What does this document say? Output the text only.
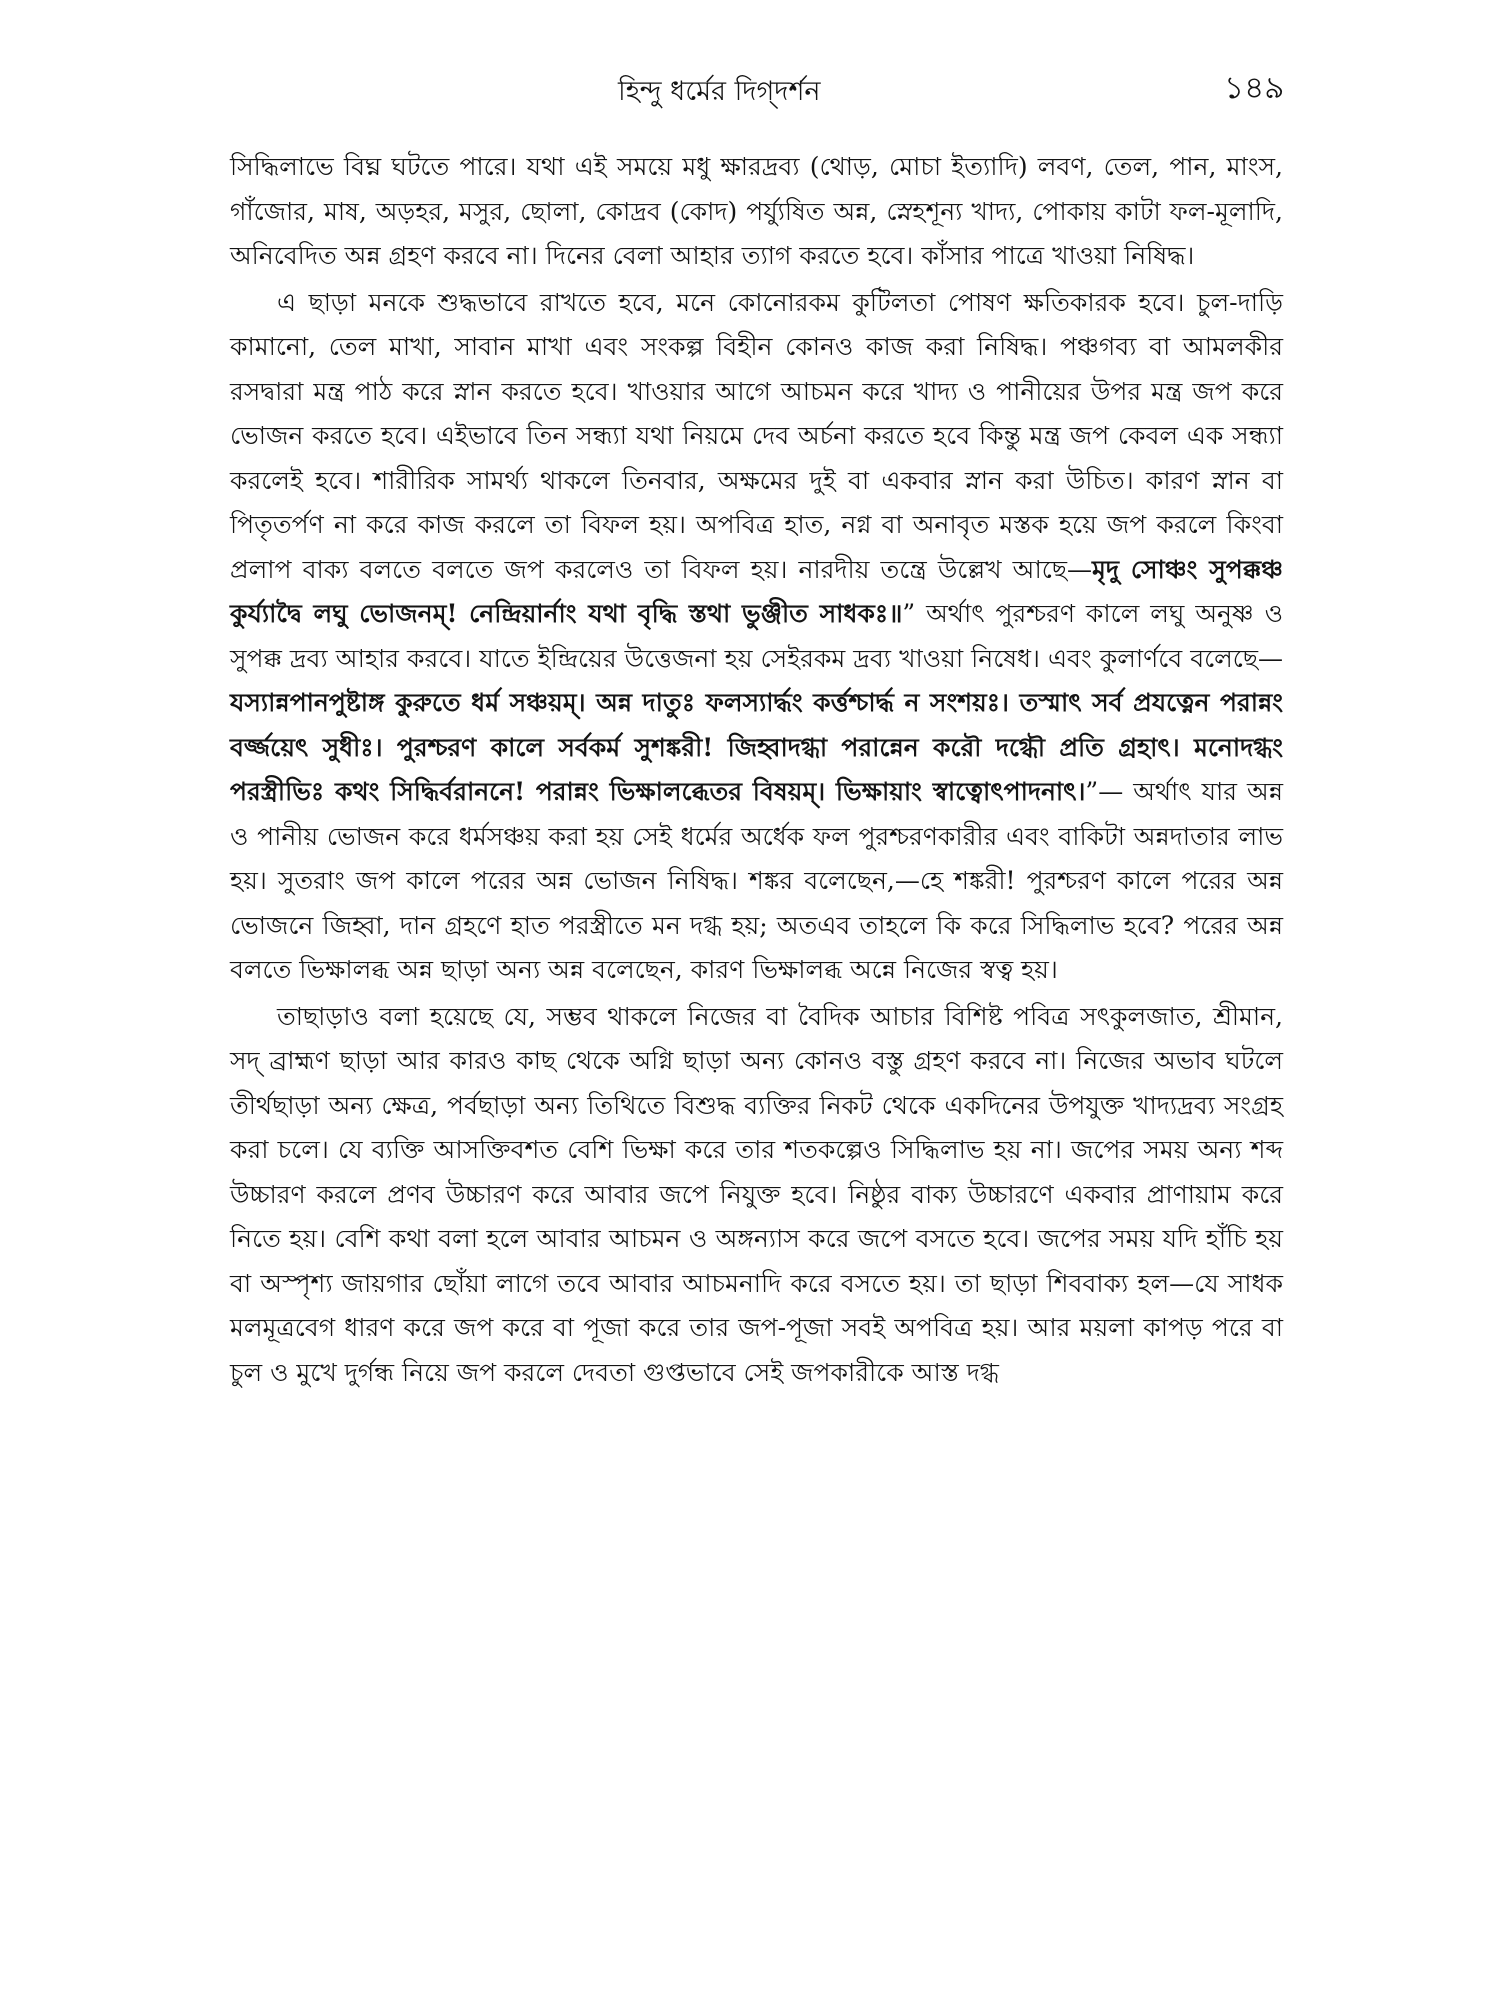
হিন্দু ধর্মের দিগ্‌দর্শন	১৪৯

সিদ্ধিলাভে বিঘ্ন ঘটতে পারে। যথা এই সময়ে মধু ক্ষারদ্রব্য (থোড়, মোচা ইত্যাদি) লবণ, তেল, পান, মাংস, গাঁজোর, মাষ, অড়হর, মসুর, ছোলা, কোদ্রব (কোদ) পর্য্যুষিত অন্ন, স্নেহশূন্য খাদ্য, পোকায় কাটা ফল-মূলাদি, অনিবেদিত অন্ন গ্রহণ করবে না। দিনের বেলা আহার ত্যাগ করতে হবে। কাঁসার পাত্রে খাওয়া নিষিদ্ধ।

এ ছাড়া মনকে শুদ্ধভাবে রাখতে হবে, মনে কোনোরকম কুটিলতা পোষণ ক্ষতিকারক হবে। চুল-দাড়ি কামানো, তেল মাখা, সাবান মাখা এবং সংকল্প বিহীন কোনও কাজ করা নিষিদ্ধ। পঞ্চগব্য বা আমলকীর রসদ্বারা মন্ত্র পাঠ করে স্নান করতে হবে। খাওয়ার আগে আচমন করে খাদ্য ও পানীয়ের উপর মন্ত্র জপ করে ভোজন করতে হবে। এইভাবে তিন সন্ধ্যা যথা নিয়মে দেব অর্চনা করতে হবে কিন্তু মন্ত্র জপ কেবল এক সন্ধ্যা করলেই হবে। শারীরিক সামর্থ্য থাকলে তিনবার, অক্ষমের দুই বা একবার স্নান করা উচিত। কারণ স্নান বা পিতৃতর্পণ না করে কাজ করলে তা বিফল হয়। অপবিত্র হাত, নগ্ন বা অনাবৃত মস্তক হয়ে জপ করলে কিংবা প্রলাপ বাক্য বলতে বলতে জপ করলেও তা বিফল হয়। নারদীয় তন্ত্রে উল্লেখ আছে—মৃদু সোঞ্চং সুপক্কঞ্চ কুর্য্যাদ্বৈ লঘু ভোজনম্! নেন্দ্রিয়ার্নাং যথা বৃদ্ধি স্তথা ভুঞ্জীত সাধকঃ॥” অর্থাৎ পুরশ্চরণ কালে লঘু অনুষ্ণ ও সুপক্ক দ্রব্য আহার করবে। যাতে ইন্দ্রিয়ের উত্তেজনা হয় সেইরকম দ্রব্য খাওয়া নিষেধ। এবং কুলার্ণবে বলেছে—যস্যান্নপানপুষ্টাঙ্গ কুরুতে ধর্ম সঞ্চয়ম্। অন্ন দাতুঃ ফলস্যার্দ্ধং কর্ত্তশ্চার্দ্ধ ন সংশয়ঃ। তস্মাৎ সর্ব প্রযত্নেন পরান্নং বর্জ্জয়েৎ সুধীঃ। পুরশ্চরণ কালে সর্বকর্ম সুশঙ্করী! জিহ্বাদগ্ধা পরান্নেন করৌ দগ্ধৌ প্রতি গ্রহাৎ। মনোদগ্ধং পরস্ত্রীভিঃ কথং সিদ্ধির্বরাননে! পরান্নং ভিক্ষালব্ধেতর বিষয়ম্। ভিক্ষায়াং স্বাত্বোৎপাদনাৎ।”— অর্থাৎ যার অন্ন ও পানীয় ভোজন করে ধর্মসঞ্চয় করা হয় সেই ধর্মের অর্ধেক ফল পুরশ্চরণকারীর এবং বাকিটা অন্নদাতার লাভ হয়। সুতরাং জপ কালে পরের অন্ন ভোজন নিষিদ্ধ। শঙ্কর বলেছেন,—হে শঙ্করী! পুরশ্চরণ কালে পরের অন্ন ভোজনে জিহ্বা, দান গ্রহণে হাত পরস্ত্রীতে মন দগ্ধ হয়; অতএব তাহলে কি করে সিদ্ধিলাভ হবে? পরের অন্ন বলতে ভিক্ষালব্ধ অন্ন ছাড়া অন্য অন্ন বলেছেন, কারণ ভিক্ষালব্ধ অন্নে নিজের স্বত্ব হয়।

তাছাড়াও বলা হয়েছে যে, সম্ভব থাকলে নিজের বা বৈদিক আচার বিশিষ্ট পবিত্র সৎকুলজাত, শ্রীমান, সদ্ ব্রাহ্মণ ছাড়া আর কারও কাছ থেকে অগ্নি ছাড়া অন্য কোনও বস্তু গ্রহণ করবে না। নিজের অভাব ঘটলে তীর্থছাড়া অন্য ক্ষেত্র, পর্বছাড়া অন্য তিথিতে বিশুদ্ধ ব্যক্তির নিকট থেকে একদিনের উপযুক্ত খাদ্যদ্রব্য সংগ্রহ করা চলে। যে ব্যক্তি আসক্তিবশত বেশি ভিক্ষা করে তার শতকল্পেও সিদ্ধিলাভ হয় না। জপের সময় অন্য শব্দ উচ্চারণ করলে প্রণব উচ্চারণ করে আবার জপে নিযুক্ত হবে। নিষ্ঠুর বাক্য উচ্চারণে একবার প্রাণায়াম করে নিতে হয়। বেশি কথা বলা হলে আবার আচমন ও অঙ্গন্যাস করে জপে বসতে হবে। জপের সময় যদি হাঁচি হয় বা অস্পৃশ্য জায়গার ছোঁয়া লাগে তবে আবার আচমনাদি করে বসতে হয়। তা ছাড়া শিববাক্য হল—যে সাধক মলমূত্রবেগ ধারণ করে জপ করে বা পূজা করে তার জপ-পূজা সবই অপবিত্র হয়। আর ময়লা কাপড় পরে বা চুল ও মুখে দুর্গন্ধ নিয়ে জপ করলে দেবতা গুপ্তভাবে সেই জপকারীকে আস্ত দগ্ধ
